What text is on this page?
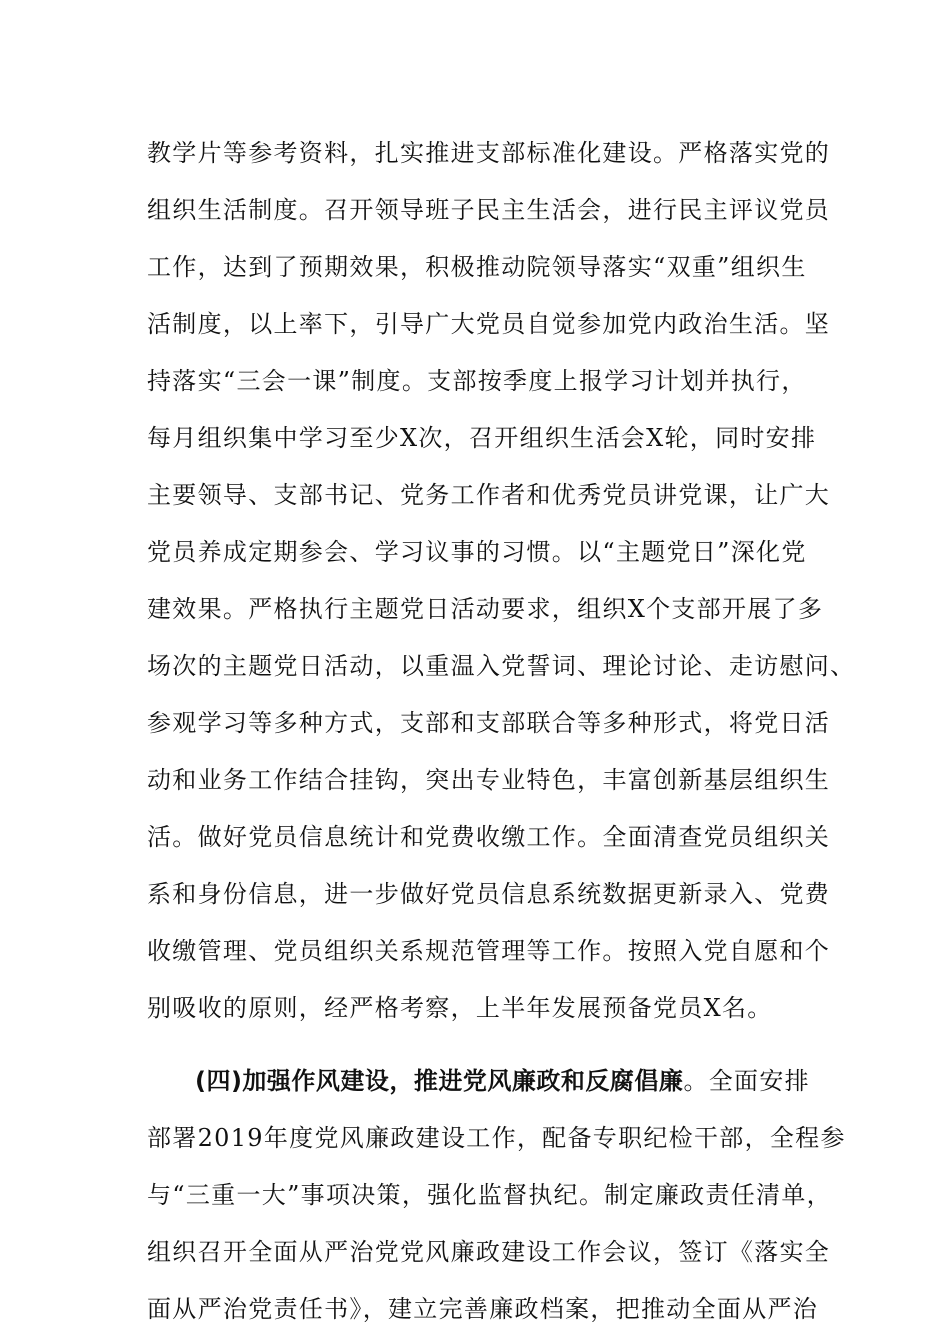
教学片等参考资料，扎实推进支部标准化建设。严格落实党的
组织生活制度。召开领导班子民主生活会，进行民主评议党员
工作，达到了预期效果，积极推动院领导落实“双重”组织生
活制度，以上率下，引导广大党员自觉参加党内政治生活。坚
持落实“三会一课”制度。支部按季度上报学习计划并执行，
每月组织集中学习至少X次，召开组织生活会X轮，同时安排
主要领导、支部书记、党务工作者和优秀党员讲党课，让广大
党员养成定期参会、学习议事的习惯。以“主题党日”深化党
建效果。严格执行主题党日活动要求，组织X个支部开展了多
场次的主题党日活动，以重温入党誓词、理论讨论、走访慰问、
参观学习等多种方式，支部和支部联合等多种形式，将党日活
动和业务工作结合挂钩，突出专业特色，丰富创新基层组织生
活。做好党员信息统计和党费收缴工作。全面清查党员组织关
系和身份信息，进一步做好党员信息系统数据更新录入、党费
收缴管理、党员组织关系规范管理等工作。按照入党自愿和个
别吸收的原则，经严格考察，上半年发展预备党员X名。
(四)加强作风建设，推进党风廉政和反腐倡廉。全面安排
部署2019年度党风廉政建设工作，配备专职纪检干部，全程参
与“三重一大”事项决策，强化监督执纪。制定廉政责任清单，
组织召开全面从严治党党风廉政建设工作会议，签订《落实全
面从严治党责任书》，建立完善廉政档案，把推动全面从严治
